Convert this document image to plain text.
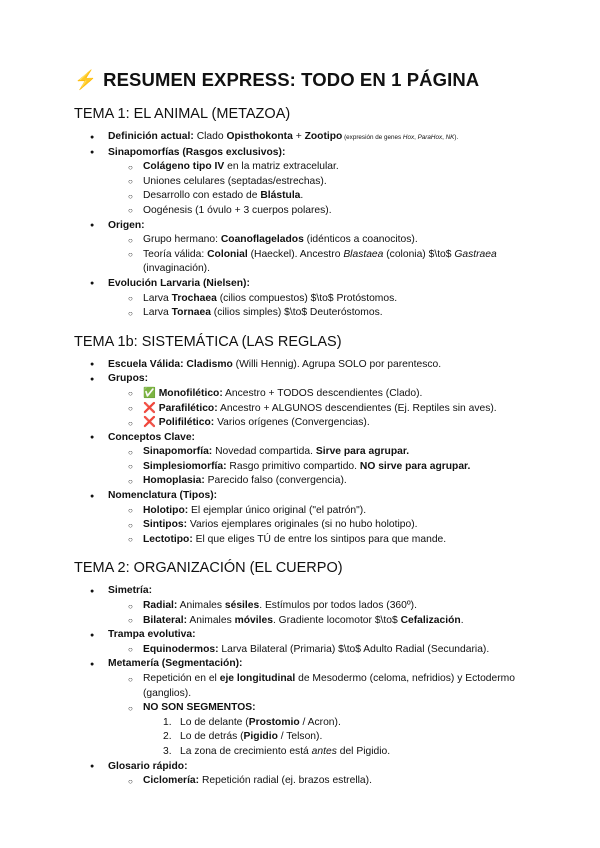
⚡ RESUMEN EXPRESS: TODO EN 1 PÁGINA
TEMA 1: EL ANIMAL (METAZOA)
● Definición actual: Clado Opisthokonta + Zootipo (expresión de genes Hox, ParaHox, NK).
● Sinapomorfías (Rasgos exclusivos):
○ Colágeno tipo IV en la matriz extracelular.
○ Uniones celulares (septadas/estrechas).
○ Desarrollo con estado de Blástula.
○ Oogénesis (1 óvulo + 3 cuerpos polares).
● Origen:
○ Grupo hermano: Coanoflagelados (idénticos a coanocitos).
○ Teoría válida: Colonial (Haeckel). Ancestro Blastaea (colonia) $\to$ Gastraea (invaginación).
● Evolución Larvaria (Nielsen):
○ Larva Trochaea (cilios compuestos) $\to$ Protóstomos.
○ Larva Tornaea (cilios simples) $\to$ Deuteróstomos.
TEMA 1b: SISTEMÁTICA (LAS REGLAS)
● Escuela Válida: Cladismo (Willi Hennig). Agrupa SOLO por parentesco.
● Grupos:
○ ✅ Monofilético: Ancestro + TODOS descendientes (Clado).
○ ❌ Parafilético: Ancestro + ALGUNOS descendientes (Ej. Reptiles sin aves).
○ ❌ Polifilético: Varios orígenes (Convergencias).
● Conceptos Clave:
○ Sinapomorfía: Novedad compartida. Sirve para agrupar.
○ Simplesiomorfía: Rasgo primitivo compartido. NO sirve para agrupar.
○ Homoplasia: Parecido falso (convergencia).
● Nomenclatura (Tipos):
○ Holotipo: El ejemplar único original ("el patrón").
○ Sintipos: Varios ejemplares originales (si no hubo holotipo).
○ Lectotipo: El que eliges TÚ de entre los sintipos para que mande.
TEMA 2: ORGANIZACIÓN (EL CUERPO)
● Simetría:
○ Radial: Animales sésiles. Estímulos por todos lados (360º).
○ Bilateral: Animales móviles. Gradiente locomotor $\to$ Cefalización.
● Trampa evolutiva:
○ Equinodermos: Larva Bilateral (Primaria) $\to$ Adulto Radial (Secundaria).
● Metamería (Segmentación):
○ Repetición en el eje longitudinal de Mesodermo (celoma, nefridios) y Ectodermo (ganglios).
○ NO SON SEGMENTOS:
1. Lo de delante (Prostomio / Acron).
2. Lo de detrás (Pigidio / Telson).
3. La zona de crecimiento está antes del Pigidio.
● Glosario rápido:
○ Ciclomería: Repetición radial (ej. brazos estrella).
